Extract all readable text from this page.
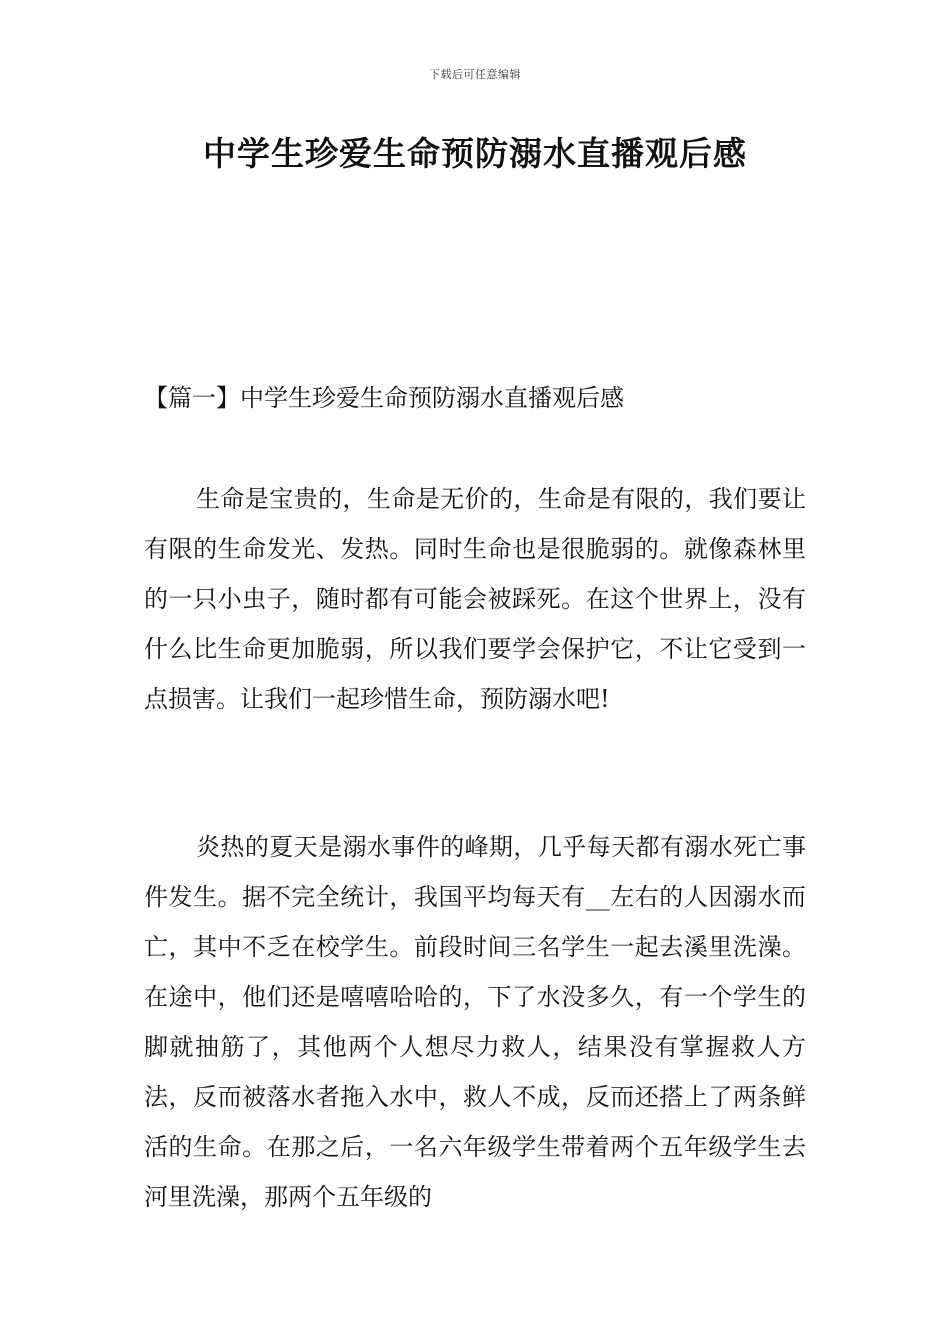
下载后可任意编辑
中学生珍爱生命预防溺水直播观后感
【篇一】中学生珍爱生命预防溺水直播观后感

生命是宝贵的，生命是无价的，生命是有限的，我们要让有限的生命发光、发热。同时生命也是很脆弱的。就像森林里的一只小虫子，随时都有可能会被踩死。在这个世界上，没有什么比生命更加脆弱，所以我们要学会保护它，不让它受到一点损害。让我们一起珍惜生命，预防溺水吧!

炎热的夏天是溺水事件的峰期，几乎每天都有溺水死亡事件发生。据不完全统计，我国平均每天有__左右的人因溺水而亡，其中不乏在校学生。前段时间三名学生一起去溪里洗澡。在途中，他们还是嘻嘻哈哈的，下了水没多久，有一个学生的脚就抽筋了，其他两个人想尽力救人，结果没有掌握救人方法，反而被落水者拖入水中，救人不成，反而还搭上了两条鲜活的生命。在那之后，一名六年级学生带着两个五年级学生去河里洗澡，那两个五年级的
